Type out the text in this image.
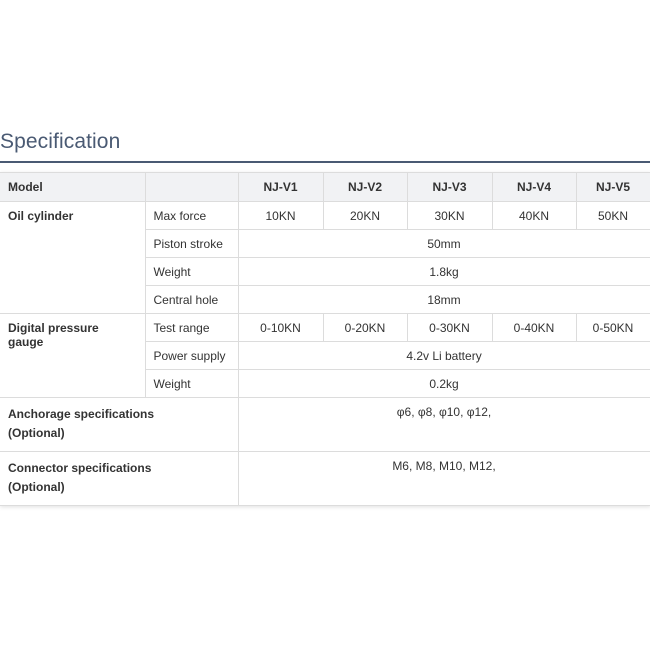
Specification
Model		NJ-V1	NJ-V2	NJ-V3	NJ-V4	NJ-V5
Oil cylinder	Max force	10KN	20KN	30KN	40KN	50KN
	Piston stroke	50mm				
	Weight	1.8kg				
	Central hole	18mm				
Digital pressure gauge	Test range	0-10KN	0-20KN	0-30KN	0-40KN	0-50KN
	Power supply	4.2v Li battery				
	Weight	0.2kg				

Anchorage specifications
(Optional)		φ6, φ8, φ10, φ12,				

Connector specifications
(Optional)		M6, M8, M10, M12,				
